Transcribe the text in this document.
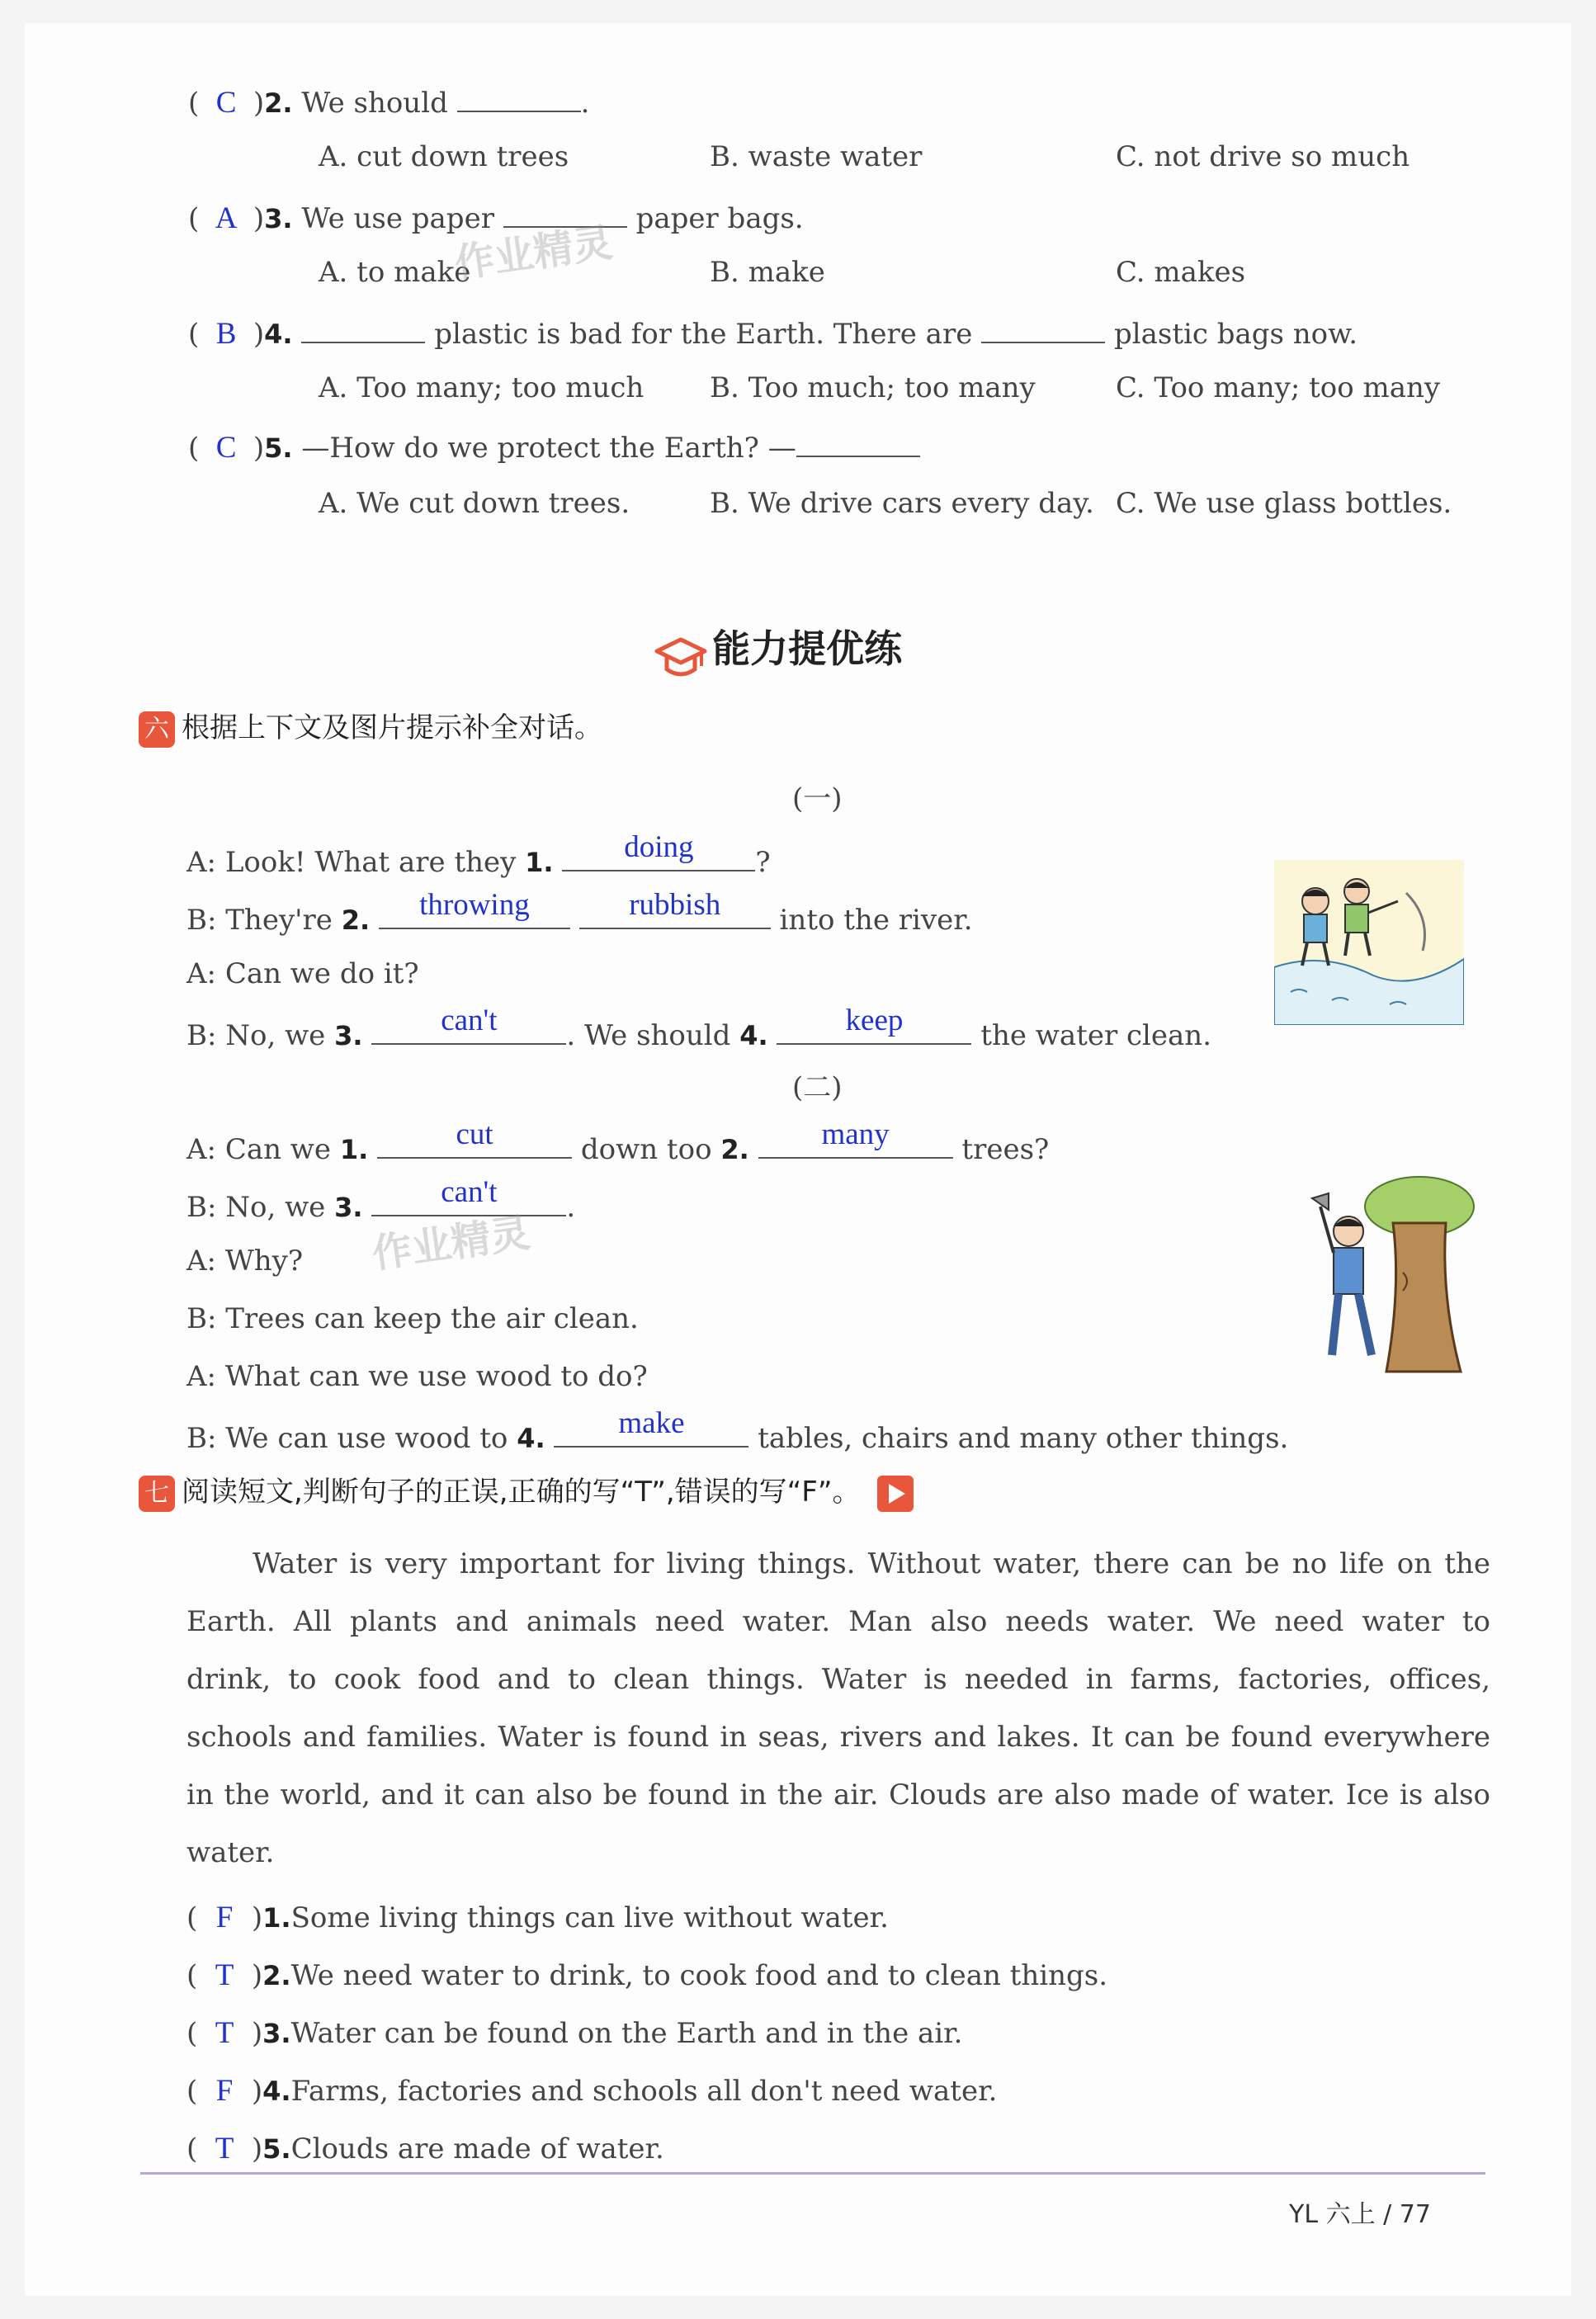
( C )2. We should	.
A. cut down trees	B. waste water	C. not drive so much
( A )3. We use paper	paper bags.
A. to make	B. make	C. makes
( B )4.	plastic is bad for the Earth. There are	plastic bags now.
A. Too many; too much B. Too much; too many	C. Too many; too many
( C )5. —How do we protect the Earth? —
A. We cut down trees.	B. We drive cars every day. C. We use glass bottles.
能力提优练
六 根据上下文及图片提示补全对话。
(一)
A: Look! What are they 1.	doing	?
B: They're 2.	throwing
	rubbish	into the river.
A: Can we do it?
B: No, we 3.	can't	. We should 4.	keep	the water clean.
(二)
A: Can we 1.	cut	down too 2.	many	trees?
B: No, we 3.	can't	.
A: Why?
B: Trees can keep the air clean.
A: What can we use wood to do?
B: We can use wood to 4.	make	tables, chairs and many other things.
七 阅读短文,判断句子的正误,正确的写“T”,错误的写“F”。
Water is very important for living things. Without water, there can be no life on the
Earth. All plants and animals need water. Man also needs water. We need water to
drink, to cook food and to clean things. Water is needed in farms, factories, offices,
schools and families. Water is found in seas, rivers and lakes. It can be found everywhere
in the world, and it can also be found in the air. Clouds are also made of water. Ice is also
water.
( F )1.Some living things can live without water.
( T )2.We need water to drink, to cook food and to clean things.
( T )3.Water can be found on the Earth and in the air.
( F )4.Farms, factories and schools all don't need water.
( T )5.Clouds are made of water.
作业精灵
作业精灵
YL 六上 / 77
